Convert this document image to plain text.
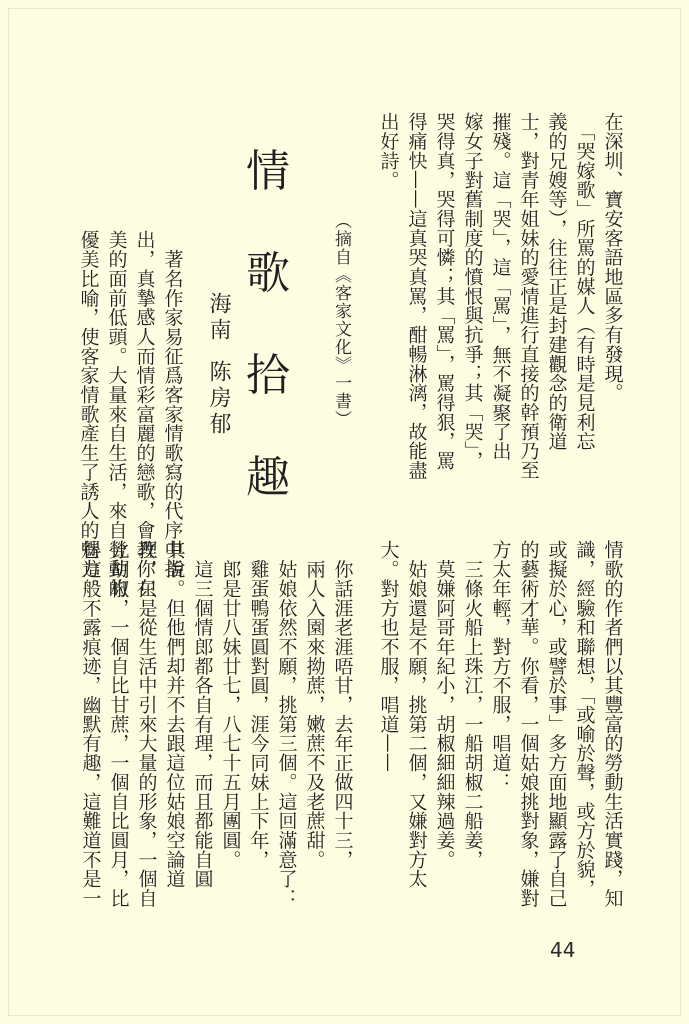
在深圳、寶安客語地區多有發現。
　「哭嫁歌」所罵的媒人（有時是見利忘
義的兄嫂等），往往正是封建觀念的衛道
士，對青年姐妹的愛情進行直接的幹預乃至
摧殘。這「哭」，這「罵」，無不凝聚了出
嫁女子對舊制度的憤恨與抗爭；其「哭」，
哭得真，哭得可憐；其「罵」，罵得狠，罵
得痛快——這真哭真罵，酣暢淋漓，故能盡
出好詩。
（摘自《客家文化》一書）
情
歌
拾
趣
海南
陈房郁
　著名作家易征爲客家情歌寫的代序中指
出，真摯感人而情彩富麗的戀歌，會教你在
美的面前低頭。大量來自生活，來自勞動的
優美比喻，使客家情歌產生了誘人的魅力。
情歌的作者們以其豐富的勞動生活實踐，知
識，經驗和聯想，「或喻於聲，或方於貌，
或擬於心，或譬於事」多方面地顯露了自己
的藝術才華。你看，一個姑娘挑對象，嫌對
方太年輕，對方不服，唱道：
　三條火船上珠江，一船胡椒二船姜，
　莫嫌阿哥年紀小，胡椒細細辣過姜。
　姑娘還是不願，挑第二個，又嫌對方太
大。對方也不服，唱道——
　你話涯老涯唔甘，去年正做四十三，
　兩人入園來拗蔗，嫩蔗不及老蔗甜。
　姑娘依然不願，挑第三個。這回滿意了：
　雞蛋鴨蛋圓對圓，涯今同妹上下年，
　郎是廿八妹廿七，八七十五月團圓。
　這三個情郎都各自有理，而且都能自圓
其說。但他們却并不去跟這位姑娘空論道
理，只是從生活中引來大量的形象，一個自
比胡椒，一個自比甘蔗，一個自比圓月，比
得這般不露痕迹，幽默有趣，這難道不是一
44
